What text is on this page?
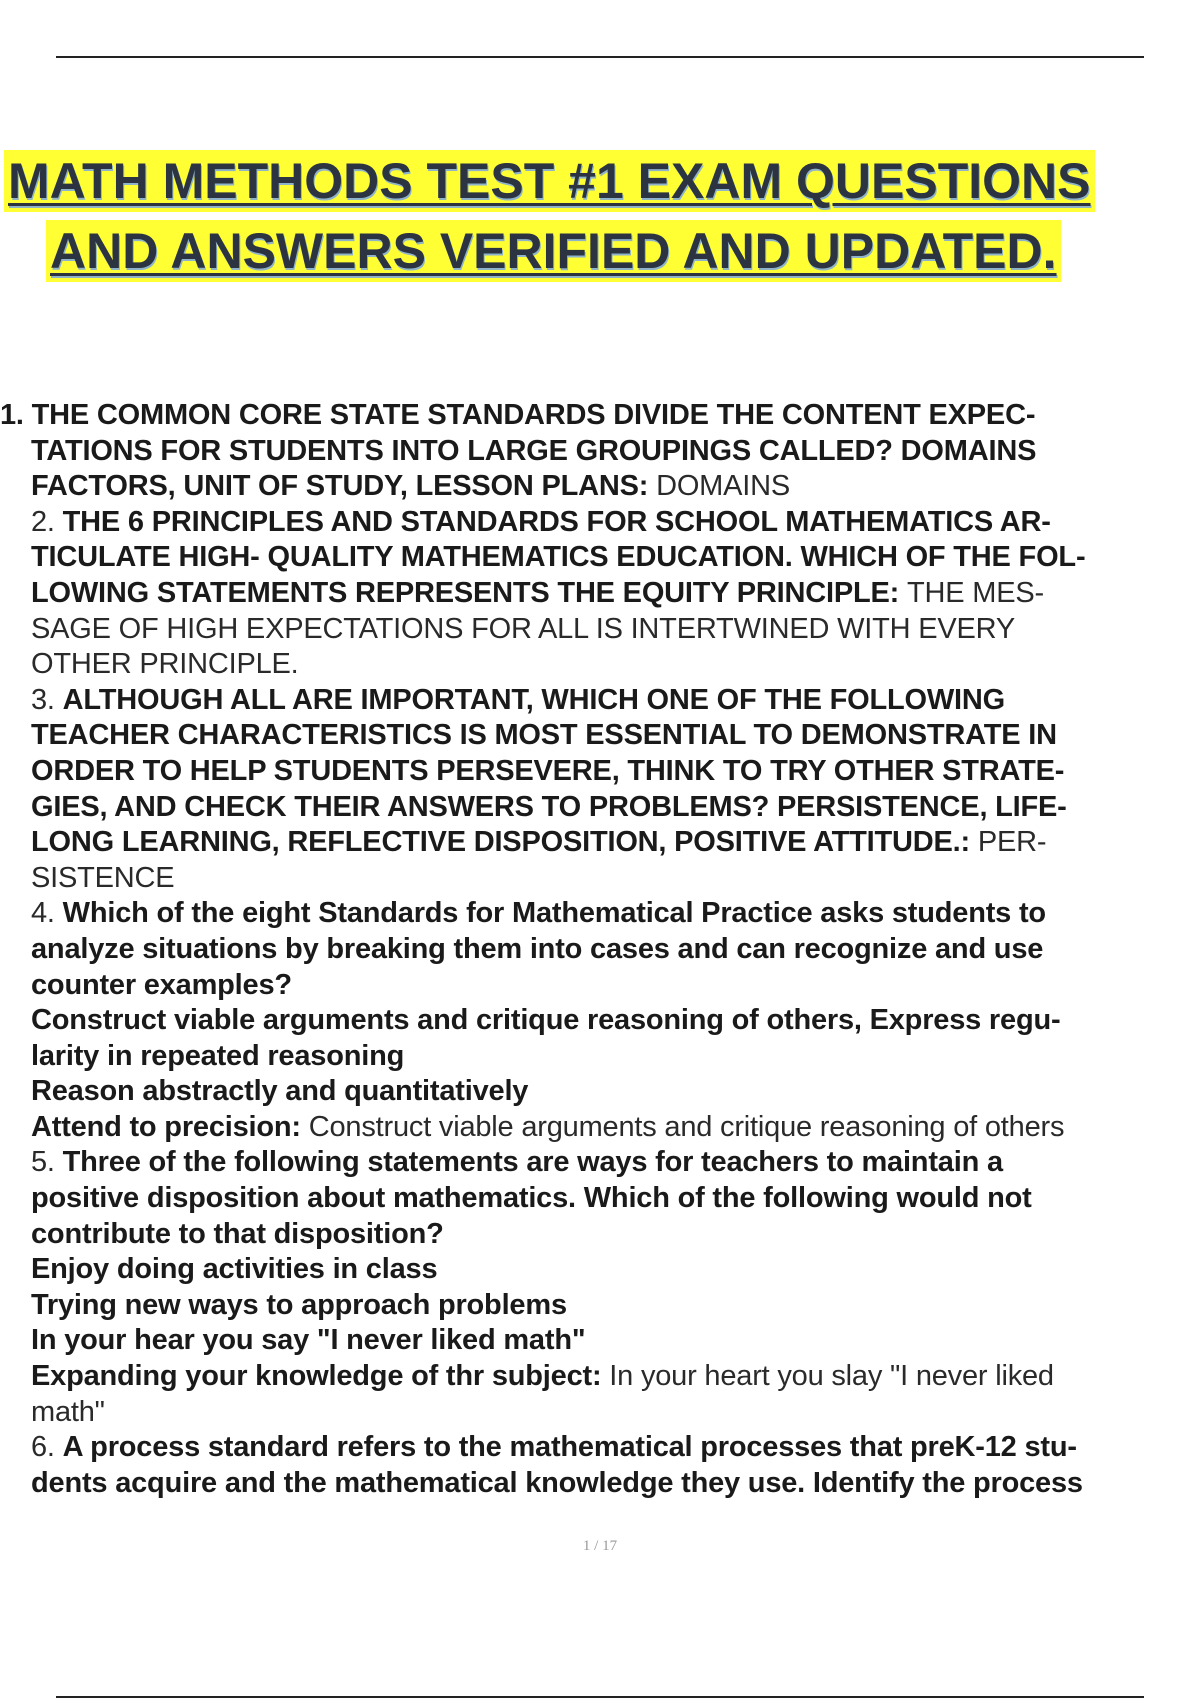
MATH METHODS TEST #1 EXAM QUESTIONS
AND ANSWERS VERIFIED AND UPDATED.
1. THE COMMON CORE STATE STANDARDS DIVIDE THE CONTENT EXPEC-
TATIONS FOR STUDENTS INTO LARGE GROUPINGS CALLED? DOMAINS
FACTORS, UNIT OF STUDY, LESSON PLANS: DOMAINS
2. THE 6 PRINCIPLES AND STANDARDS FOR SCHOOL MATHEMATICS AR-
TICULATE HIGH- QUALITY MATHEMATICS EDUCATION. WHICH OF THE FOL-
LOWING STATEMENTS REPRESENTS THE EQUITY PRINCIPLE: THE MES-
SAGE OF HIGH EXPECTATIONS FOR ALL IS INTERTWINED WITH EVERY
OTHER PRINCIPLE.
3. ALTHOUGH ALL ARE IMPORTANT, WHICH ONE OF THE FOLLOWING
TEACHER CHARACTERISTICS IS MOST ESSENTIAL TO DEMONSTRATE IN
ORDER TO HELP STUDENTS PERSEVERE, THINK TO TRY OTHER STRATE-
GIES, AND CHECK THEIR ANSWERS TO PROBLEMS? PERSISTENCE, LIFE-
LONG LEARNING, REFLECTIVE DISPOSITION, POSITIVE ATTITUDE.: PER-
SISTENCE
4. Which of the eight Standards for Mathematical Practice asks students to
analyze situations by breaking them into cases and can recognize and use
counter examples?
Construct viable arguments and critique reasoning of others, Express regu-
larity in repeated reasoning
Reason abstractly and quantitatively
Attend to precision: Construct viable arguments and critique reasoning of others
5. Three of the following statements are ways for teachers to maintain a
positive disposition about mathematics. Which of the following would not
contribute to that disposition?
Enjoy doing activities in class
Trying new ways to approach problems
In your hear you say "I never liked math"
Expanding your knowledge of thr subject: In your heart you slay "I never liked
math"
6. A process standard refers to the mathematical processes that preK-12 stu-
dents acquire and the mathematical knowledge they use. Identify the process
1 / 17
